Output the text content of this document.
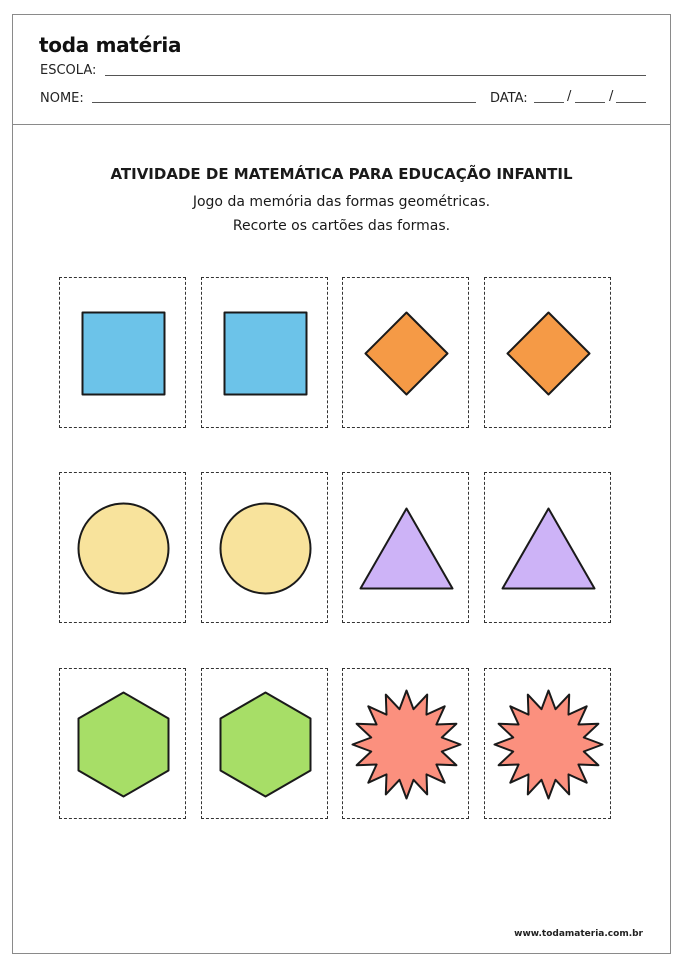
toda matéria
ESCOLA:
NOME:	DATA:	/	/
ATIVIDADE DE MATEMÁTICA PARA EDUCAÇÃO INFANTIL
Jogo da memória das formas geométricas.
Recorte os cartões das formas.
www.todamateria.com.br
